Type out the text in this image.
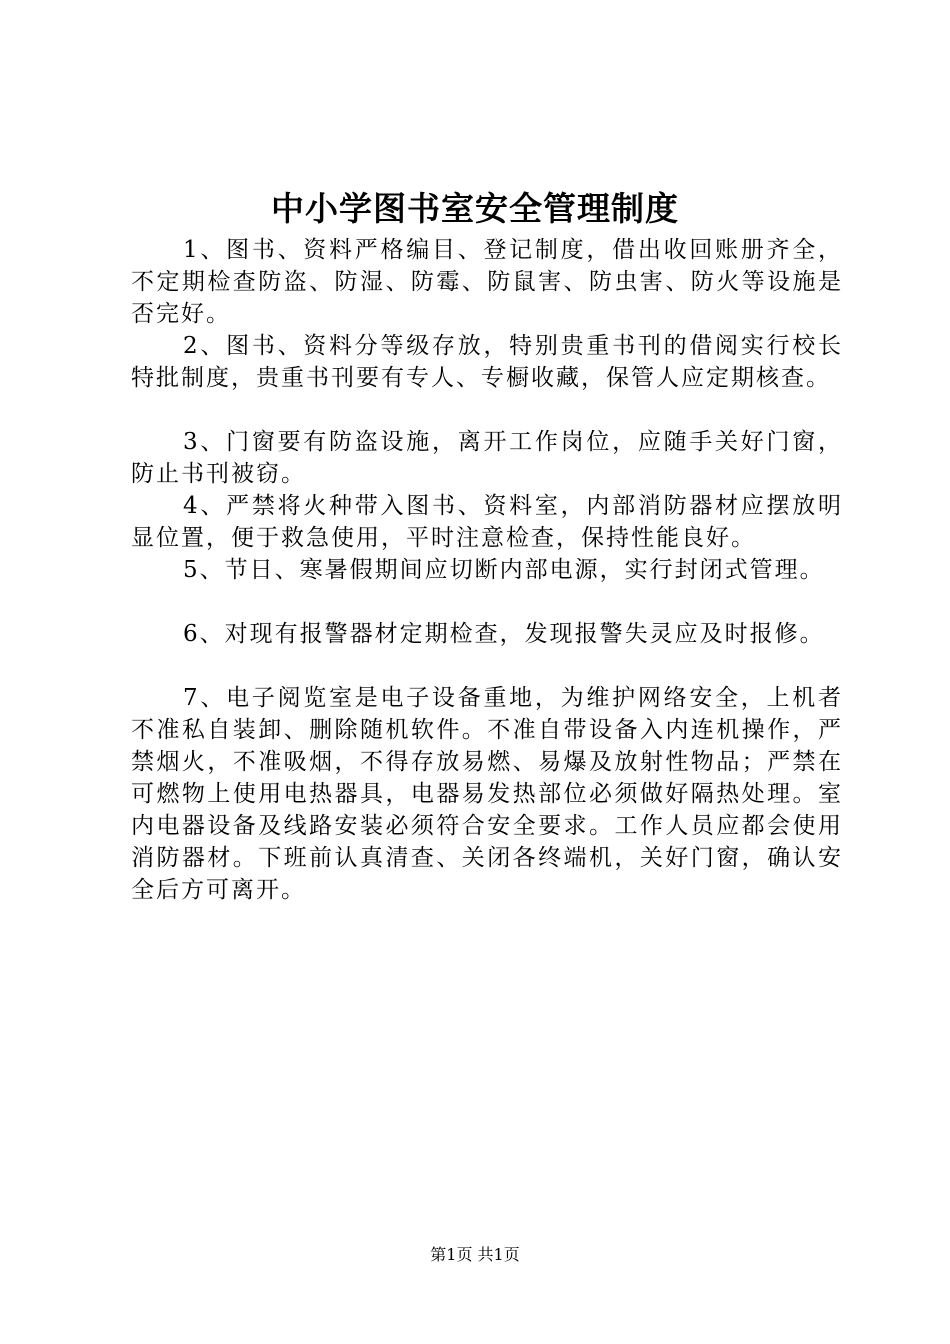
中小学图书室安全管理制度

1、图书、资料严格编目、登记制度，借出收回账册齐全，不定期检查防盗、防湿、防霉、防鼠害、防虫害、防火等设施是否完好。

2、图书、资料分等级存放，特别贵重书刊的借阅实行校长特批制度，贵重书刊要有专人、专橱收藏，保管人应定期核查。

3、门窗要有防盗设施，离开工作岗位，应随手关好门窗，防止书刊被窃。

4、严禁将火种带入图书、资料室，内部消防器材应摆放明显位置，便于救急使用，平时注意检查，保持性能良好。

5、节日、寒暑假期间应切断内部电源，实行封闭式管理。

6、对现有报警器材定期检查，发现报警失灵应及时报修。

7、电子阅览室是电子设备重地，为维护网络安全，上机者不准私自装卸、删除随机软件。不准自带设备入内连机操作，严禁烟火，不准吸烟，不得存放易燃、易爆及放射性物品；严禁在可燃物上使用电热器具，电器易发热部位必须做好隔热处理。室内电器设备及线路安装必须符合安全要求。工作人员应都会使用消防器材。下班前认真清查、关闭各终端机，关好门窗，确认安全后方可离开。

第1页 共1页
